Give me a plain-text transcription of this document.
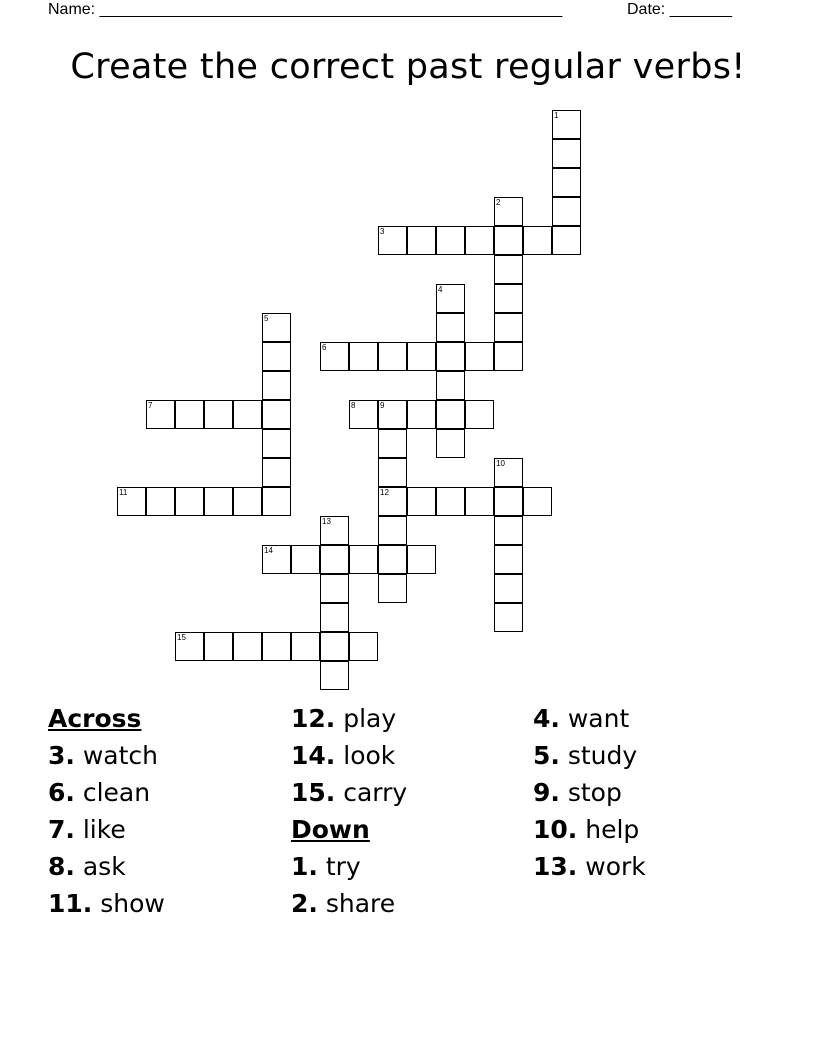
Name: ____________________________________________________	Date: _______
Create the correct past regular verbs!
1
2
3
4
5
6
7	8	9
12
10
11
13
14
15
Across
3. watch
6. clean
7. like
8. ask
11. show
12. play
14. look
15. carry
Down
1. try
2. share
4. want
5. study
9. stop
10. help
13. work
